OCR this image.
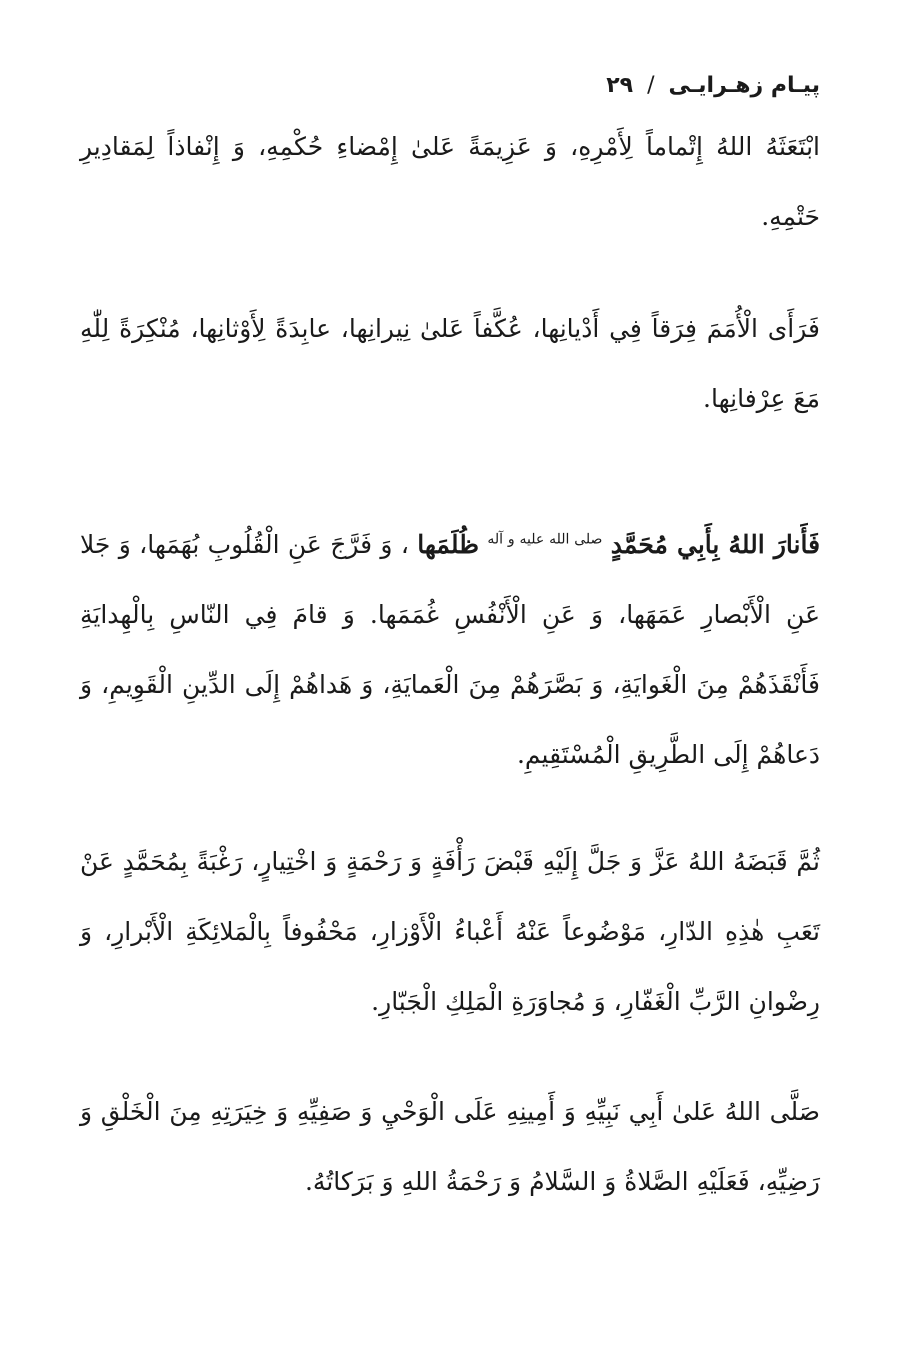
پیـام زهـرایـی/۲۹

ابْتَعَثَهُ اللهُ إِتْماماً لِأَمْرِهِ، وَ عَزِيمَةً عَلىٰ إِمْضاءِ حُكْمِهِ، وَ إِنْفاذاً لِمَقادِيرِ حَتْمِهِ.

فَرَأَى الْأُمَمَ فِرَقاً فِي أَدْيانِها، عُكَّفاً عَلىٰ نِيرانِها، عابِدَةً لِأَوْثانِها، مُنْكِرَةً لِلّٰهِ مَعَ عِرْفانِها.

فَأَنارَ اللهُ بِأَبِي مُحَمَّدٍ $^{صلى الله عليه و آله}$ ظُلَمَها ، وَ فَرَّجَ عَنِ الْقُلُوبِ بُهَمَها، وَ جَلا عَنِ الْأَبْصارِ عَمَهَها، وَ عَنِ الْأَنْفُسِ غُمَمَها. وَ قامَ فِي النّاسِ بِالْهِدايَةِ فَأَنْقَذَهُمْ مِنَ الْغَوايَةِ، وَ بَصَّرَهُمْ مِنَ الْعَمايَةِ، وَ هَداهُمْ إِلَى الدِّينِ الْقَوِيمِ، وَ دَعاهُمْ إِلَى الطَّرِيقِ الْمُسْتَقِيمِ.

ثُمَّ قَبَضَهُ اللهُ عَزَّ وَ جَلَّ إِلَيْهِ قَبْضَ رَأْفَةٍ وَ رَحْمَةٍ وَ اخْتِيارٍ، رَغْبَةً بِمُحَمَّدٍ عَنْ تَعَبِ هٰذِهِ الدّارِ، مَوْضُوعاً عَنْهُ أَعْباءُ الْأَوْزارِ، مَحْفُوفاً بِالْمَلائِكَةِ الْأَبْرارِ، وَ رِضْوانِ الرَّبِّ الْغَفّارِ، وَ مُجاوَرَةِ الْمَلِكِ الْجَبّارِ.

صَلَّى اللهُ عَلىٰ أَبِي نَبِيِّهِ وَ أَمِينِهِ عَلَى الْوَحْيِ وَ صَفِيِّهِ وَ خِيَرَتِهِ مِنَ الْخَلْقِ وَ رَضِيِّهِ، فَعَلَيْهِ الصَّلاةُ وَ السَّلامُ وَ رَحْمَةُ اللهِ وَ بَرَكاتُهُ.
